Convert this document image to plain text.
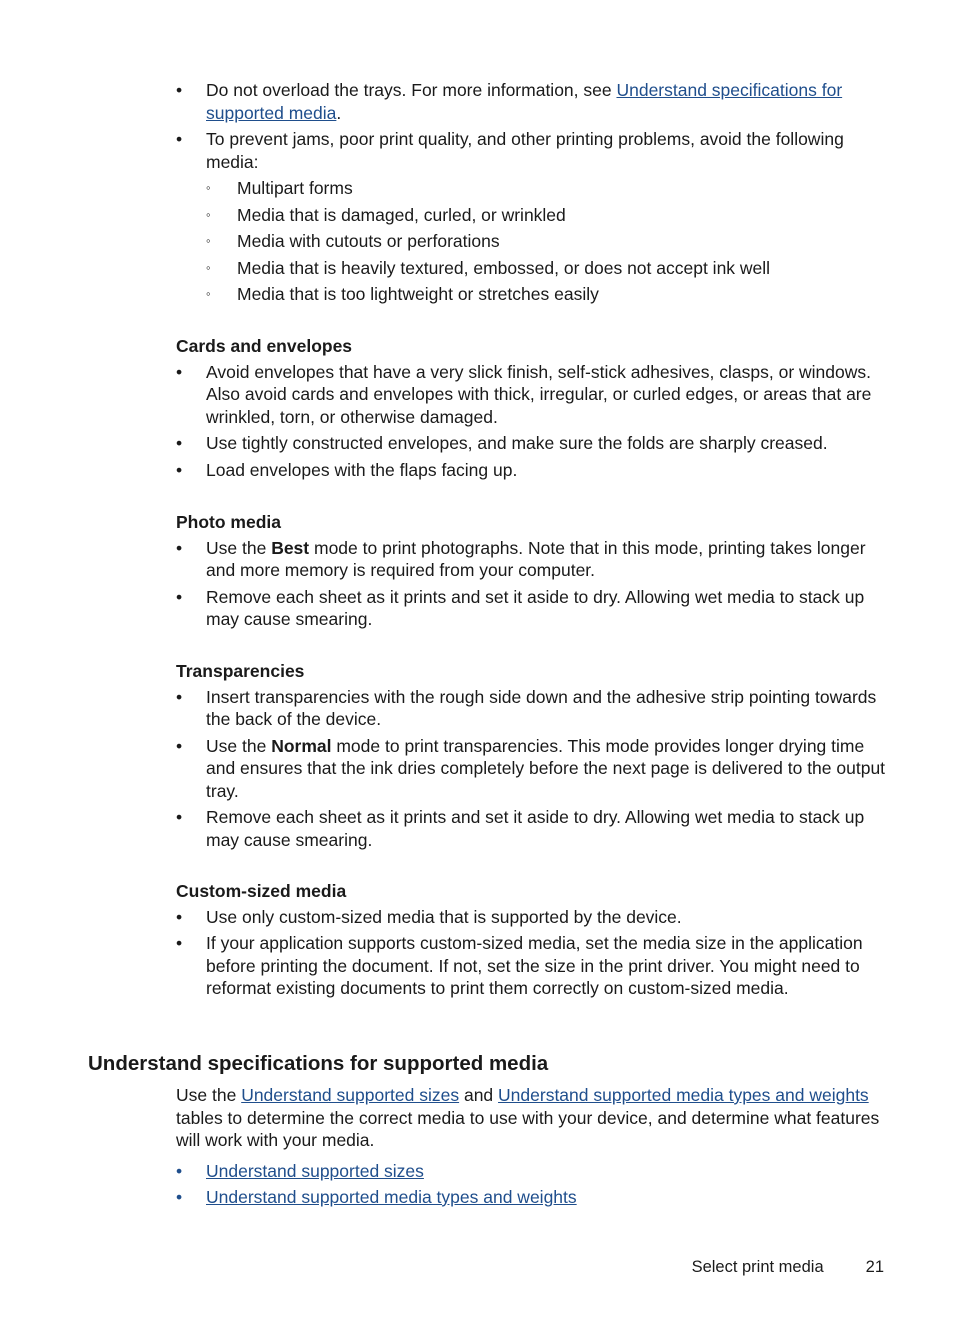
• Do not overload the trays. For more information, see Understand specifications for supported media.
• To prevent jams, poor print quality, and other printing problems, avoid the following media:
◦ Multipart forms
◦ Media that is damaged, curled, or wrinkled
◦ Media with cutouts or perforations
◦ Media that is heavily textured, embossed, or does not accept ink well
◦ Media that is too lightweight or stretches easily
Cards and envelopes
• Avoid envelopes that have a very slick finish, self-stick adhesives, clasps, or windows. Also avoid cards and envelopes with thick, irregular, or curled edges, or areas that are wrinkled, torn, or otherwise damaged.
• Use tightly constructed envelopes, and make sure the folds are sharply creased.
• Load envelopes with the flaps facing up.
Photo media
• Use the Best mode to print photographs. Note that in this mode, printing takes longer and more memory is required from your computer.
• Remove each sheet as it prints and set it aside to dry. Allowing wet media to stack up may cause smearing.
Transparencies
• Insert transparencies with the rough side down and the adhesive strip pointing towards the back of the device.
• Use the Normal mode to print transparencies. This mode provides longer drying time and ensures that the ink dries completely before the next page is delivered to the output tray.
• Remove each sheet as it prints and set it aside to dry. Allowing wet media to stack up may cause smearing.
Custom-sized media
• Use only custom-sized media that is supported by the device.
• If your application supports custom-sized media, set the media size in the application before printing the document. If not, set the size in the print driver. You might need to reformat existing documents to print them correctly on custom-sized media.
Understand specifications for supported media

Use the Understand supported sizes and Understand supported media types and weights tables to determine the correct media to use with your device, and determine what features will work with your media.

• Understand supported sizes
• Understand supported media types and weights
Select print media	21
